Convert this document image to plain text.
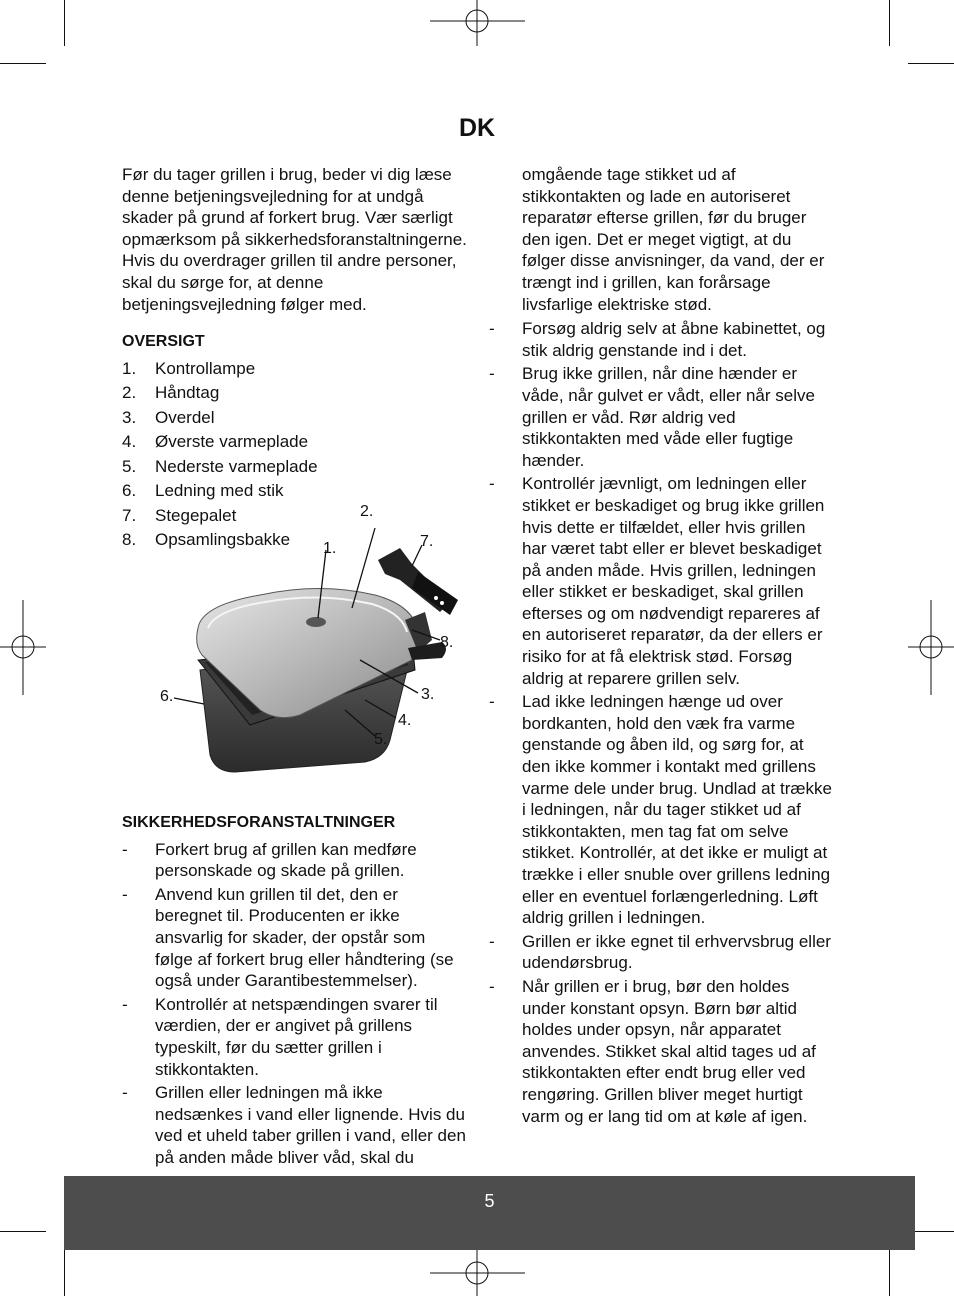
DK

Før du tager grillen i brug, beder vi dig læse denne betjeningsvejledning for at undgå skader på grund af forkert brug. Vær særligt opmærksom på sikkerhedsforanstaltningerne. Hvis du overdrager grillen til andre personer, skal du sørge for, at denne betjeningsvejledning følger med.

OVERSIGT

1. Kontrollampe
2. Håndtag
3. Overdel
4. Øverste varmeplade
5. Nederste varmeplade
6. Ledning med stik
7. Stegepalet
8. Opsamlingsbakke	1.
2.
3.
4.
5.
6.
7.
8.

SIKKERHEDSFORANSTALTNINGER

- Forkert brug af grillen kan medføre personskade og skade på grillen.
- Anvend kun grillen til det, den er beregnet til. Producenten er ikke ansvarlig for skader, der opstår som følge af forkert brug eller håndtering (se også under Garantibestemmelser).
- Kontrollér at netspændingen svarer til værdien, der er angivet på grillens typeskilt, før du sætter grillen i stikkontakten.
- Grillen eller ledningen må ikke nedsænkes i vand eller lignende. Hvis du ved et uheld taber grillen i vand, eller den på anden måde bliver våd, skal du

omgående tage stikket ud af stikkontakten og lade en autoriseret reparatør efterse grillen, før du bruger den igen. Det er meget vigtigt, at du følger disse anvisninger, da vand, der er trængt ind i grillen, kan forårsage livsfarlige elektriske stød.

- Forsøg aldrig selv at åbne kabinettet, og stik aldrig genstande ind i det.
- Brug ikke grillen, når dine hænder er våde, når gulvet er vådt, eller når selve grillen er våd. Rør aldrig ved stikkontakten med våde eller fugtige hænder.
- Kontrollér jævnligt, om ledningen eller stikket er beskadiget og brug ikke grillen hvis dette er tilfældet, eller hvis grillen har været tabt eller er blevet beskadiget på anden måde. Hvis grillen, ledningen eller stikket er beskadiget, skal grillen efterses og om nødvendigt repareres af en autoriseret reparatør, da der ellers er risiko for at få elektrisk stød. Forsøg aldrig at reparere grillen selv.
- Lad ikke ledningen hænge ud over bordkanten, hold den væk fra varme genstande og åben ild, og sørg for, at den ikke kommer i kontakt med grillens varme dele under brug. Undlad at trække i ledningen, når du tager stikket ud af stikkontakten, men tag fat om selve stikket. Kontrollér, at det ikke er muligt at trække i eller snuble over grillens ledning eller en eventuel forlængerledning. Løft aldrig grillen i ledningen.
- Grillen er ikke egnet til erhvervsbrug eller udendørsbrug.
- Når grillen er i brug, bør den holdes under konstant opsyn. Børn bør altid holdes under opsyn, når apparatet anvendes. Stikket skal altid tages ud af stikkontakten efter endt brug eller ved rengøring. Grillen bliver meget hurtigt varm og er lang tid om at køle af igen.
5
